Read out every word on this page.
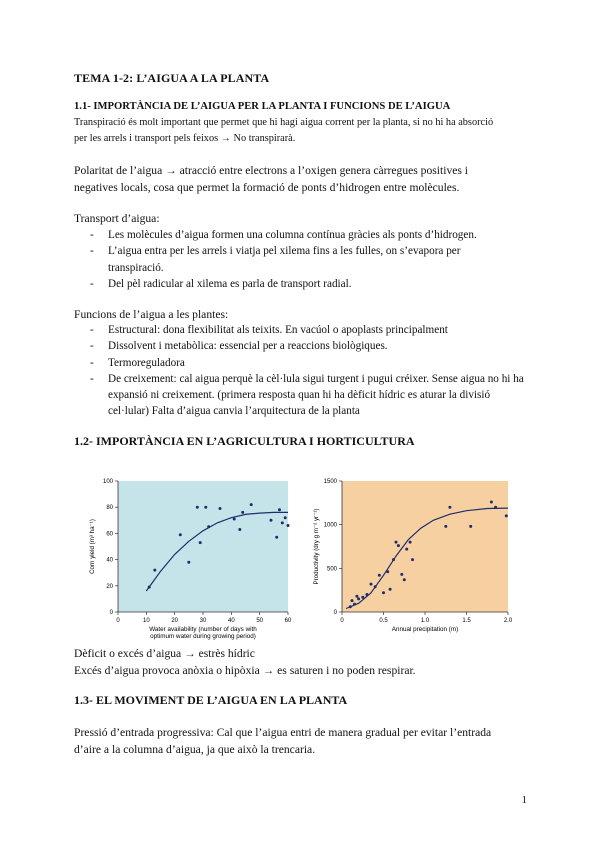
TEMA 1-2: L’AIGUA A LA PLANTA
1.1- IMPORTÀNCIA DE L’AIGUA PER LA PLANTA I FUNCIONS DE L’AIGUA
Transpiració és molt important que permet que hi hagi aigua corrent per la planta, si no hi ha absorció
per les arrels i transport pels feixos → No transpirarà.
Polaritat de l’aigua → atracció entre electrons a l’oxigen genera càrregues positives i
negatives locals, cosa que permet la formació de ponts d’hidrogen entre molècules.
Transport d’aigua:
- Les molècules d’aigua formen una columna contínua gràcies als ponts d’hidrogen.
- L’aigua entra per les arrels i viatja pel xilema fins a les fulles, on s’evapora per transpiració.
- Del pèl radicular al xilema es parla de transport radial.
Funcions de l’aigua a les plantes:
- Estructural: dona flexibilitat als teixits. En vacúol o apoplasts principalment
- Dissolvent i metabòlica: essencial per a reaccions biològiques.
- Termoreguladora
- De creixement: cal aigua perquè la cèl·lula sigui turgent i pugui créixer. Sense aigua no hi ha expansió ni creixement. (primera resposta quan hi ha dèficit hídric es aturar la divisió cel·lular) Falta d’aigua canvia l’arquitectura de la planta
1.2- IMPORTÀNCIA EN L’AGRICULTURA I HORTICULTURA
0
20
40
60
80
100
0	10	20	30	40	50	60
Corn yield (m³ ha⁻¹)
Water availability (number of days with
optimum water during growing period)
0
500
1000
1500
0	0.5	1.0	1.5	2.0
Productivity (dry g m⁻² yr⁻¹)
Annual precipitation (m)
Dèficit o excés d’aigua → estrès hídric
Excés d’aigua provoca anòxia o hipòxia → es saturen i no poden respirar.
1.3- EL MOVIMENT DE L’AIGUA EN LA PLANTA
Pressió d’entrada progressiva: Cal que l’aigua entri de manera gradual per evitar l’entrada
d’aire a la columna d’aigua, ja que això la trencaria.
1
